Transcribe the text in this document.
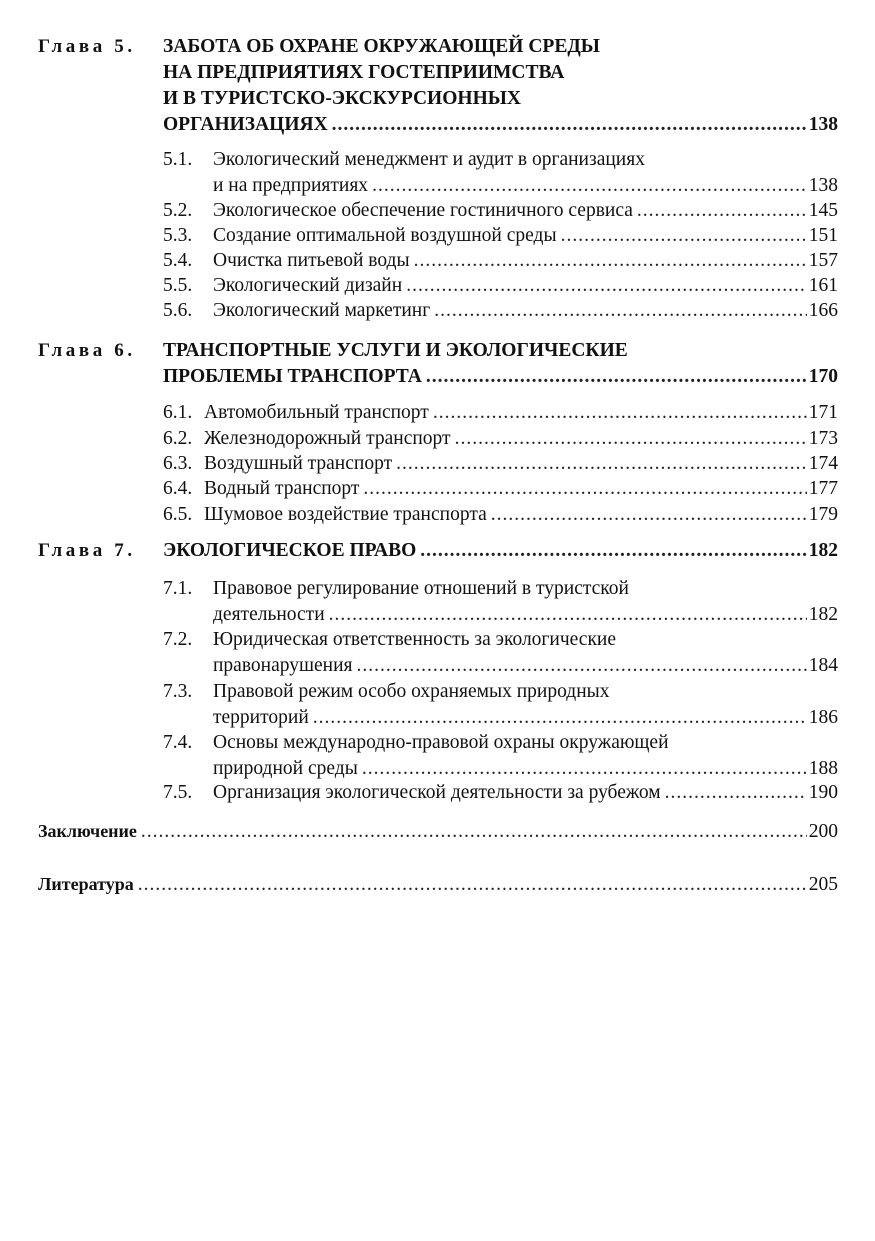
Глава 5. ЗАБОТА ОБ ОХРАНЕ ОКРУЖАЮЩЕЙ СРЕДЫ
НА ПРЕДПРИЯТИЯХ ГОСТЕПРИИМСТВА
И В ТУРИСТСКО-ЭКСКУРСИОННЫХ
ОРГАНИЗАЦИЯХ .....	138
5.1. Экологический менеджмент и аудит в организациях
и на предприятиях .....	138
5.2. Экологическое обеспечение гостиничного сервиса .....	145
5.3. Создание оптимальной воздушной среды .....	151
5.4. Очистка питьевой воды .....	157
5.5. Экологический дизайн .....	161
5.6. Экологический маркетинг .....	166
Глава 6. ТРАНСПОРТНЫЕ УСЛУГИ И ЭКОЛОГИЧЕСКИЕ
ПРОБЛЕМЫ ТРАНСПОРТА .....	170
6.1. Автомобильный транспорт .....	171
6.2. Железнодорожный транспорт .....	173
6.3. Воздушный транспорт .....	174
6.4. Водный транспорт .....	177
6.5. Шумовое воздействие транспорта .....	179
Глава 7. ЭКОЛОГИЧЕСКОЕ ПРАВО .....	182
7.1. Правовое регулирование отношений в туристской
деятельности .....	182
7.2. Юридическая ответственность за экологические
правонарушения .....	184
7.3. Правовой режим особо охраняемых природных
территорий .....	186
7.4. Основы международно-правовой охраны окружающей
природной среды .....	188
7.5. Организация экологической деятельности за рубежом .....	190
Заключение .....	200
Литература .....	205
